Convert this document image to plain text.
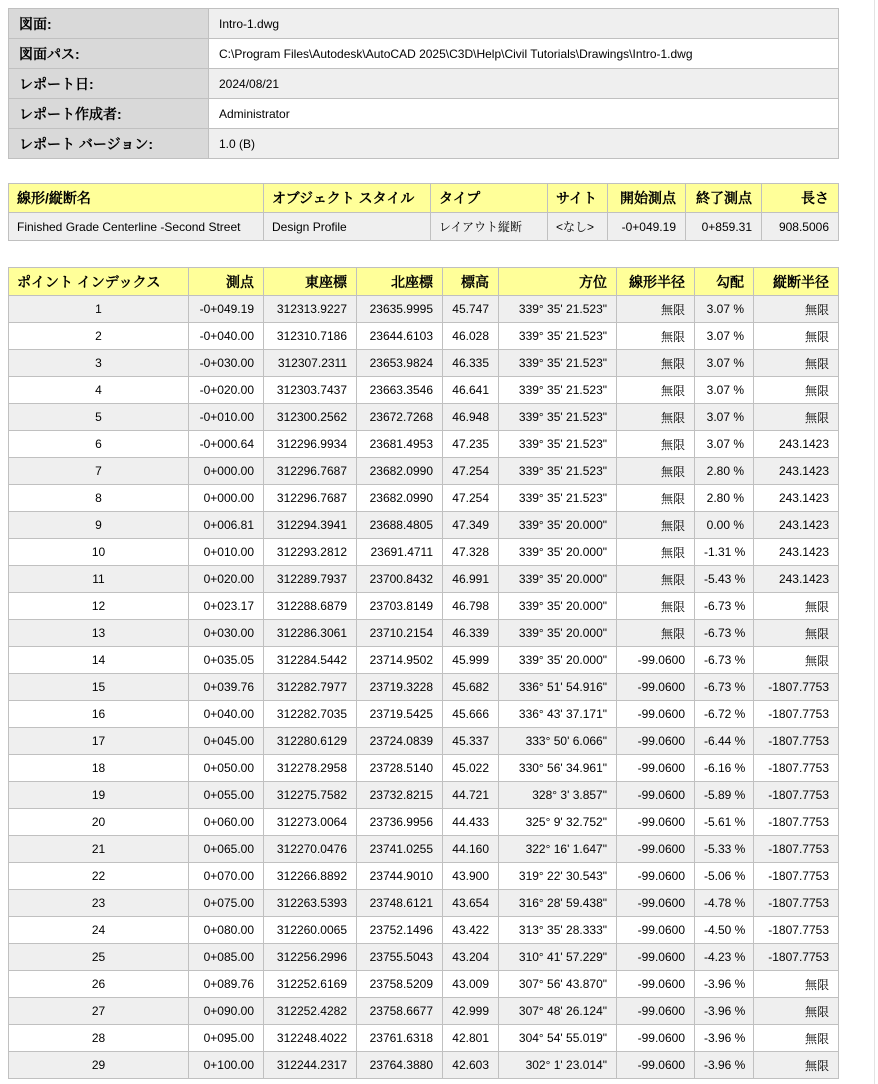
図面:	Intro-1.dwg
図面パス:	C:\Program Files\Autodesk\AutoCAD 2025\C3D\Help\Civil Tutorials\Drawings\Intro-1.dwg
レポート日:	2024/08/21
レポート作成者:	Administrator
レポート バージョン:	1.0 (B)
線形/縦断名	オブジェクト スタイル	タイプ	サイト	開始測点	終了測点	長さ
Finished Grade Centerline -Second Street	Design Profile	レイアウト縦断	<なし>	-0+049.19	0+859.31	908.5006
ポイント インデックス	測点	東座標	北座標	標高	方位	線形半径	勾配	縦断半径
1	-0+049.19	312313.9227	23635.9995	45.747	339° 35' 21.523"	無限	3.07 %	無限
2	-0+040.00	312310.7186	23644.6103	46.028	339° 35' 21.523"	無限	3.07 %	無限
3	-0+030.00	312307.2311	23653.9824	46.335	339° 35' 21.523"	無限	3.07 %	無限
4	-0+020.00	312303.7437	23663.3546	46.641	339° 35' 21.523"	無限	3.07 %	無限
5	-0+010.00	312300.2562	23672.7268	46.948	339° 35' 21.523"	無限	3.07 %	無限
6	-0+000.64	312296.9934	23681.4953	47.235	339° 35' 21.523"	無限	3.07 %	243.1423
7	0+000.00	312296.7687	23682.0990	47.254	339° 35' 21.523"	無限	2.80 %	243.1423
8	0+000.00	312296.7687	23682.0990	47.254	339° 35' 21.523"	無限	2.80 %	243.1423
9	0+006.81	312294.3941	23688.4805	47.349	339° 35' 20.000"	無限	0.00 %	243.1423
10	0+010.00	312293.2812	23691.4711	47.328	339° 35' 20.000"	無限	-1.31 %	243.1423
11	0+020.00	312289.7937	23700.8432	46.991	339° 35' 20.000"	無限	-5.43 %	243.1423
12	0+023.17	312288.6879	23703.8149	46.798	339° 35' 20.000"	無限	-6.73 %	無限
13	0+030.00	312286.3061	23710.2154	46.339	339° 35' 20.000"	無限	-6.73 %	無限
14	0+035.05	312284.5442	23714.9502	45.999	339° 35' 20.000"	-99.0600	-6.73 %	無限
15	0+039.76	312282.7977	23719.3228	45.682	336° 51' 54.916"	-99.0600	-6.73 %	-1807.7753
16	0+040.00	312282.7035	23719.5425	45.666	336° 43' 37.171"	-99.0600	-6.72 %	-1807.7753
17	0+045.00	312280.6129	23724.0839	45.337	333° 50' 6.066"	-99.0600	-6.44 %	-1807.7753
18	0+050.00	312278.2958	23728.5140	45.022	330° 56' 34.961"	-99.0600	-6.16 %	-1807.7753
19	0+055.00	312275.7582	23732.8215	44.721	328° 3' 3.857"	-99.0600	-5.89 %	-1807.7753
20	0+060.00	312273.0064	23736.9956	44.433	325° 9' 32.752"	-99.0600	-5.61 %	-1807.7753
21	0+065.00	312270.0476	23741.0255	44.160	322° 16' 1.647"	-99.0600	-5.33 %	-1807.7753
22	0+070.00	312266.8892	23744.9010	43.900	319° 22' 30.543"	-99.0600	-5.06 %	-1807.7753
23	0+075.00	312263.5393	23748.6121	43.654	316° 28' 59.438"	-99.0600	-4.78 %	-1807.7753
24	0+080.00	312260.0065	23752.1496	43.422	313° 35' 28.333"	-99.0600	-4.50 %	-1807.7753
25	0+085.00	312256.2996	23755.5043	43.204	310° 41' 57.229"	-99.0600	-4.23 %	-1807.7753
26	0+089.76	312252.6169	23758.5209	43.009	307° 56' 43.870"	-99.0600	-3.96 %	無限
27	0+090.00	312252.4282	23758.6677	42.999	307° 48' 26.124"	-99.0600	-3.96 %	無限
28	0+095.00	312248.4022	23761.6318	42.801	304° 54' 55.019"	-99.0600	-3.96 %	無限
29	0+100.00	312244.2317	23764.3880	42.603	302° 1' 23.014"	-99.0600	-3.96 %	無限
